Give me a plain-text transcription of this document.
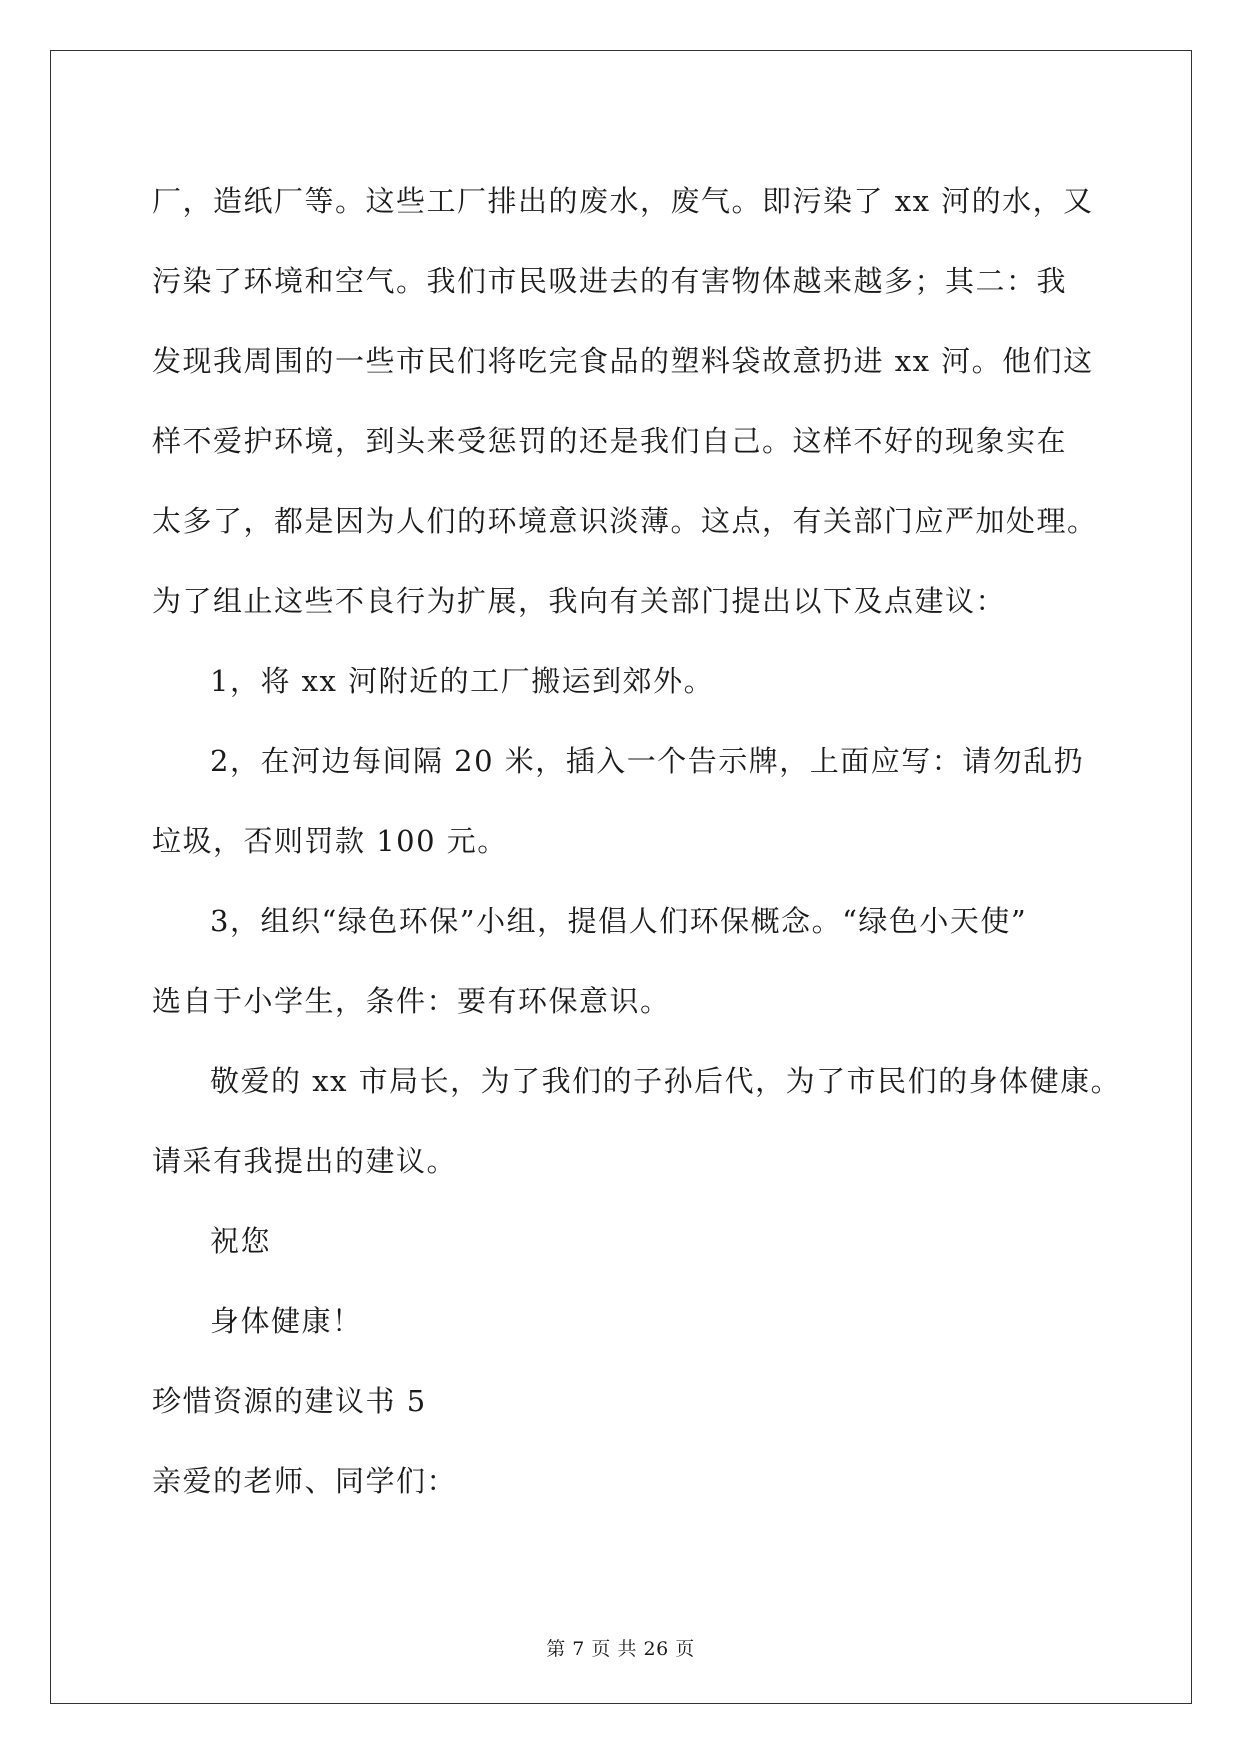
厂，造纸厂等。这些工厂排出的废水，废气。即污染了 xx 河的水，又
污染了环境和空气。我们市民吸进去的有害物体越来越多；其二：我
发现我周围的一些市民们将吃完食品的塑料袋故意扔进 xx 河。他们这
样不爱护环境，到头来受惩罚的还是我们自己。这样不好的现象实在
太多了，都是因为人们的环境意识淡薄。这点，有关部门应严加处理。
为了组止这些不良行为扩展，我向有关部门提出以下及点建议：
1，将 xx 河附近的工厂搬运到郊外。
2，在河边每间隔 20 米，插入一个告示牌，上面应写：请勿乱扔
垃圾，否则罚款 100 元。
3，组织“绿色环保”小组，提倡人们环保概念。“绿色小天使”
选自于小学生，条件：要有环保意识。
敬爱的 xx 市局长，为了我们的子孙后代，为了市民们的身体健康。
请采有我提出的建议。
祝您
身体健康！
珍惜资源的建议书 5
亲爱的老师、同学们：
第 7 页 共 26 页
